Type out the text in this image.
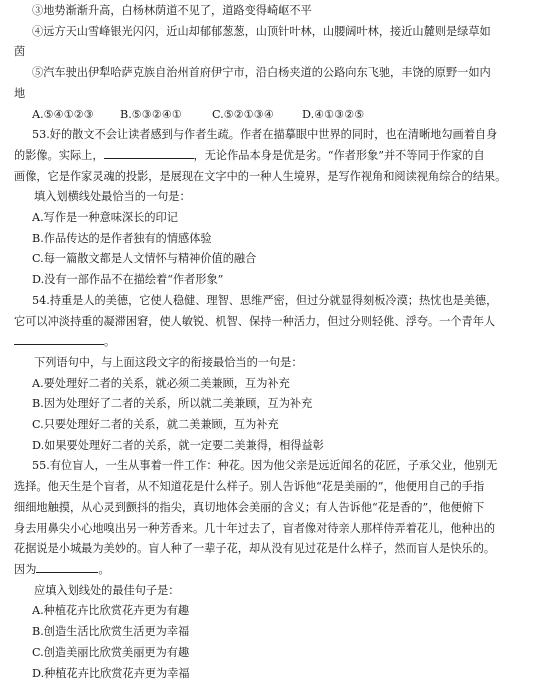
③地势渐渐升高，白杨林荫道不见了，道路变得崎岖不平
④远方天山雪峰银光闪闪，近山却郁郁葱葱，山顶针叶林，山腰阔叶林，接近山麓则是绿草如
茵
⑤汽车驶出伊犁哈萨克族自治州首府伊宁市，沿白杨夹道的公路向东飞驰，丰饶的原野一如内
地
A.⑤④①②③ B.⑤③②④①	C.⑤②①③④	D.④①③②⑤
53.好的散文不会让读者感到与作者生疏。作者在描摹眼中世界的同时，也在清晰地勾画着自身
的影像。实际上，	，无论作品本身是优是劣。“作者形象”并不等同于作家的自
画像，它是作家灵魂的投影，是展现在文字中的一种人生境界，是写作视角和阅读视角综合的结果。
填入划横线处最恰当的一句是：
A.写作是一种意味深长的印记
B.作品传达的是作者独有的情感体验
C.每一篇散文都是人文情怀与精神价值的融合
D.没有一部作品不在描绘着“作者形象”
54.持重是人的美德，它使人稳健、理智、思维严密，但过分就显得刻板冷漠；热忱也是美德，
它可以冲淡持重的凝滞困窘，使人敏锐、机智、保持一种活力，但过分则轻佻、浮夸。一个青年人
。
下列语句中，与上面这段文字的衔接最恰当的一句是：
A.要处理好二者的关系，就必须二美兼顾，互为补充
B.因为处理好了二者的关系，所以就二美兼顾，互为补充
C.只要处理好二者的关系，就二美兼顾，互为补充
D.如果要处理好二者的关系，就一定要二美兼得，相得益彰
55.有位盲人，一生从事着一件工作：种花。因为他父亲是远近闻名的花匠，子承父业，他别无
选择。他天生是个盲者，从不知道花是什么样子。别人告诉他“花是美丽的”，他便用自己的手指
细细地触摸，从心灵到颤抖的指尖，真切地体会美丽的含义；有人告诉他“花是香的”，他便俯下
身去用鼻尖小心地嗅出另一种芳香来。几十年过去了，盲者像对待亲人那样侍弄着花儿，他种出的
花据说是小城最为美妙的。盲人种了一辈子花，却从没有见过花是什么样子，然而盲人是快乐的。
因为	。
应填入划线处的最佳句子是：
A.种植花卉比欣赏花卉更为有趣
B.创造生活比欣赏生活更为幸福
C.创造美丽比欣赏美丽更为有趣
D.种植花卉比欣赏花卉更为幸福
